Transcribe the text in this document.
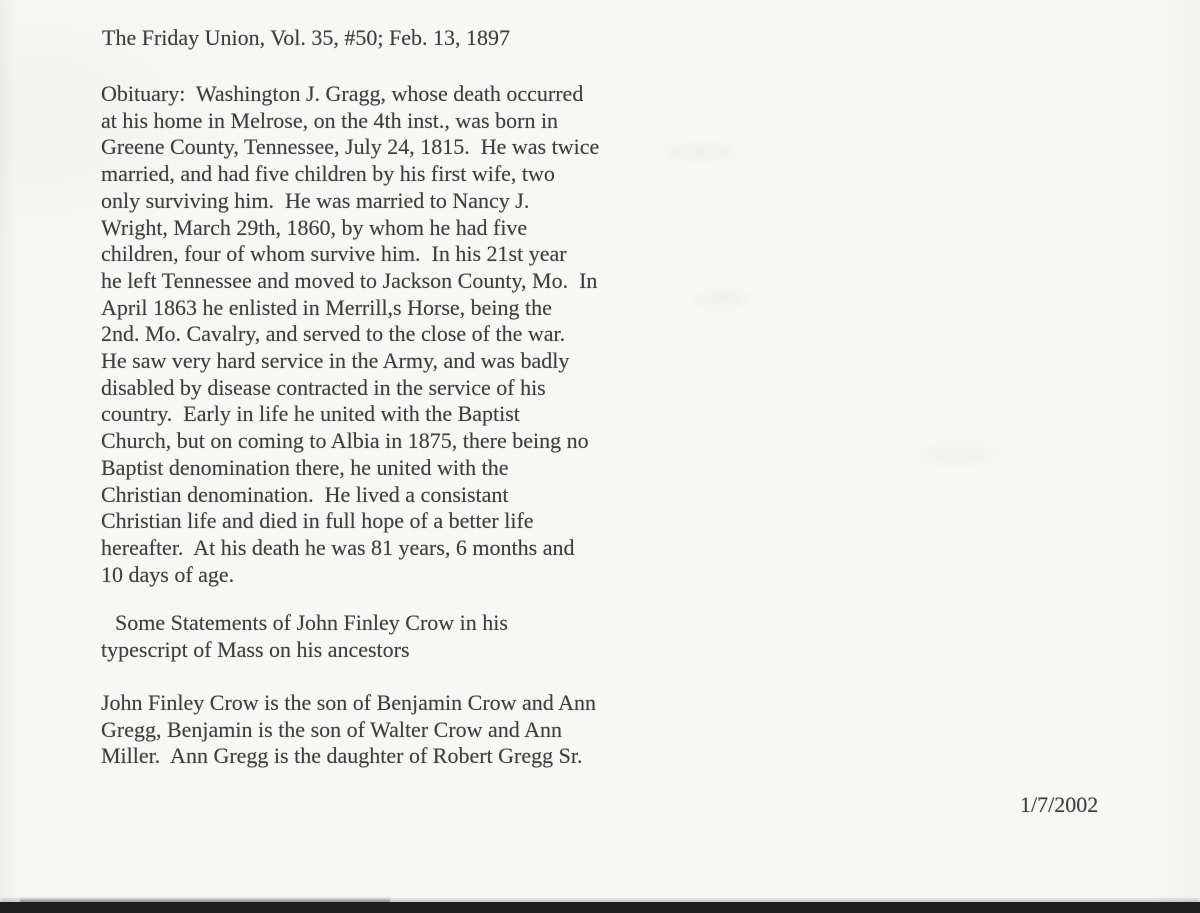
The Friday Union, Vol. 35, #50; Feb. 13, 1897
Obituary:  Washington J. Gragg, whose death occurred
at his home in Melrose, on the 4th inst., was born in
Greene County, Tennessee, July 24, 1815.  He was twice
married, and had five children by his first wife, two
only surviving him.  He was married to Nancy J.
Wright, March 29th, 1860, by whom he had five
children, four of whom survive him.  In his 21st year
he left Tennessee and moved to Jackson County, Mo.  In
April 1863 he enlisted in Merrill,s Horse, being the
2nd. Mo. Cavalry, and served to the close of the war.
He saw very hard service in the Army, and was badly
disabled by disease contracted in the service of his
country.  Early in life he united with the Baptist
Church, but on coming to Albia in 1875, there being no
Baptist denomination there, he united with the
Christian denomination.  He lived a consistant
Christian life and died in full hope of a better life
hereafter.  At his death he was 81 years, 6 months and
10 days of age.
Some Statements of John Finley Crow in his
typescript of Mass on his ancestors
John Finley Crow is the son of Benjamin Crow and Ann
Gregg, Benjamin is the son of Walter Crow and Ann
Miller.  Ann Gregg is the daughter of Robert Gregg Sr.
1/7/2002
